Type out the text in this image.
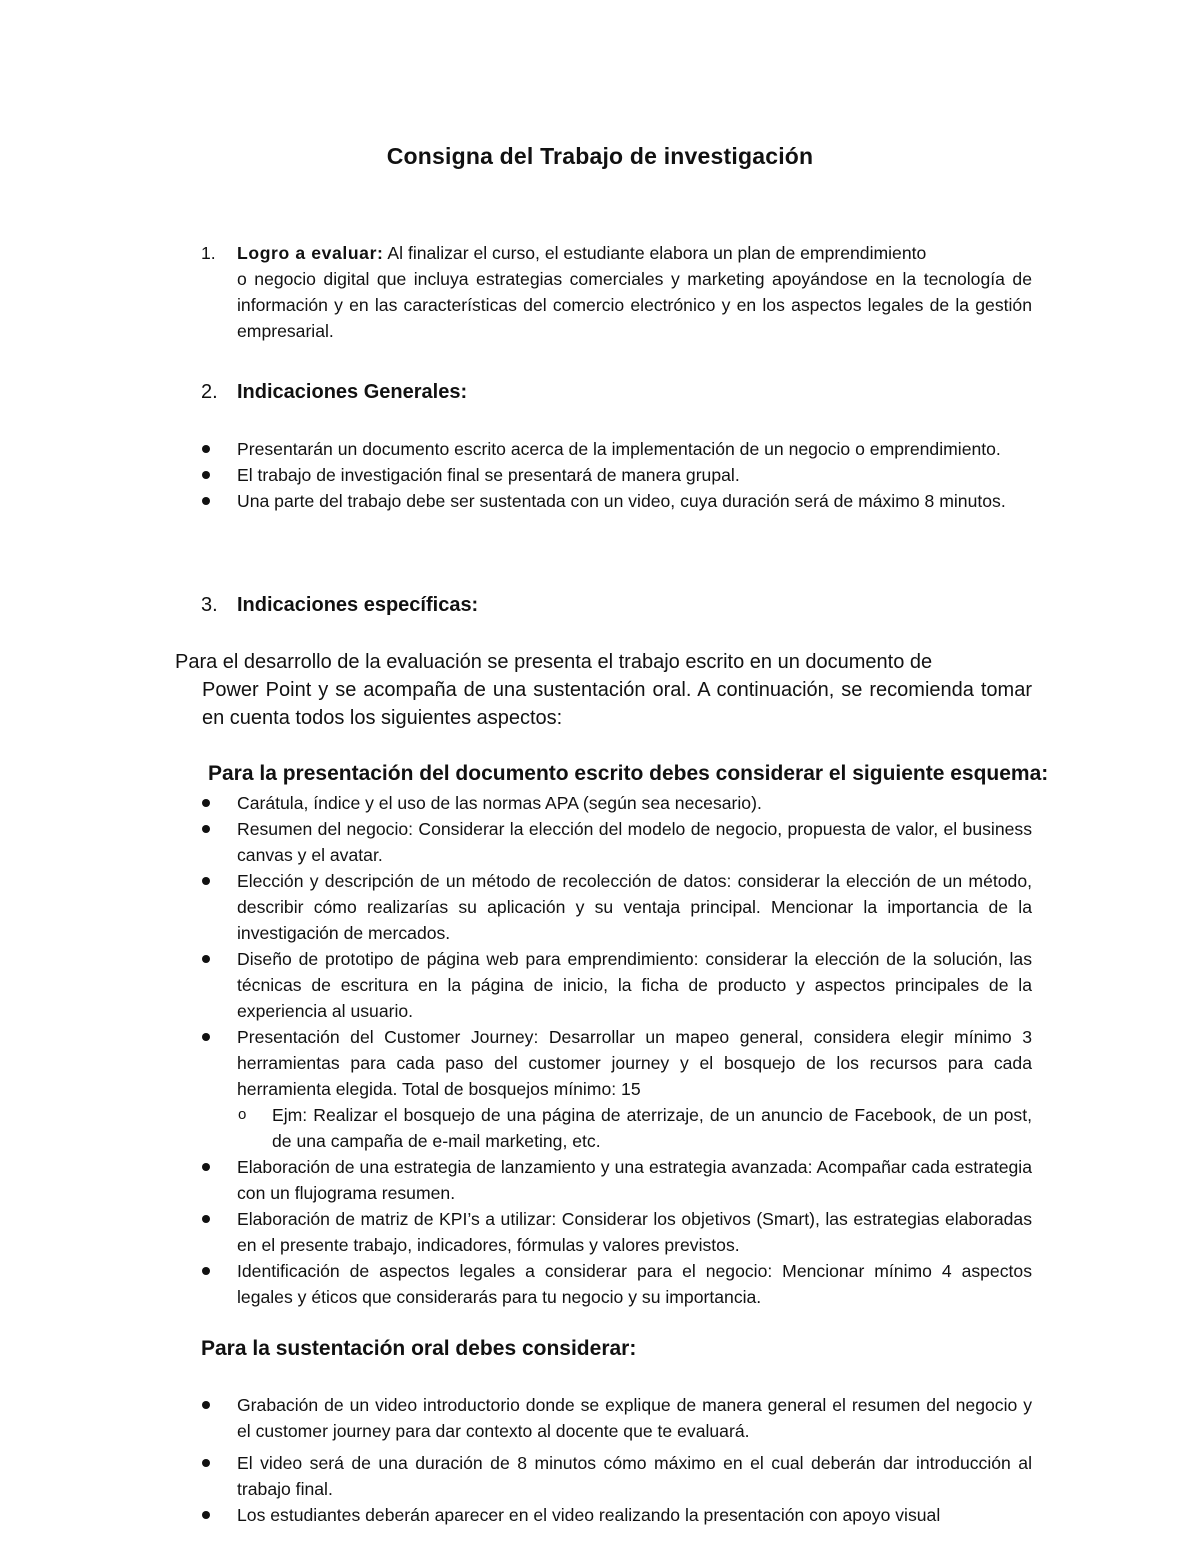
Consigna del Trabajo de investigación
1. Logro a evaluar: Al finalizar el curso, el estudiante elabora un plan de emprendimiento
o negocio digital que incluya estrategias comerciales y marketing apoyándose en la tecnología de información y en las características del comercio electrónico y en los aspectos legales de la gestión empresarial.
2. Indicaciones Generales:
Presentarán un documento escrito acerca de la implementación de un negocio o emprendimiento.
El trabajo de investigación final se presentará de manera grupal.
Una parte del trabajo debe ser sustentada con un video, cuya duración será de máximo 8 minutos.
3. Indicaciones específicas:
Para el desarrollo de la evaluación se presenta el trabajo escrito en un documento de
Power Point y se acompaña de una sustentación oral. A continuación, se recomienda tomar en cuenta todos los siguientes aspectos:
Para la presentación del documento escrito debes considerar el siguiente esquema:
Carátula, índice y el uso de las normas APA (según sea necesario).
Resumen del negocio: Considerar la elección del modelo de negocio, propuesta de valor, el business canvas y el avatar.
Elección y descripción de un método de recolección de datos: considerar la elección de un método, describir cómo realizarías su aplicación y su ventaja principal. Mencionar la importancia de la investigación de mercados.
Diseño de prototipo de página web para emprendimiento: considerar la elección de la solución, las técnicas de escritura en la página de inicio, la ficha de producto y aspectos principales de la experiencia al usuario.
Presentación del Customer Journey: Desarrollar un mapeo general, considera elegir mínimo 3 herramientas para cada paso del customer journey y el bosquejo de los recursos para cada herramienta elegida. Total de bosquejos mínimo: 15
o Ejm: Realizar el bosquejo de una página de aterrizaje, de un anuncio de Facebook, de un post, de una campaña de e-mail marketing, etc.
Elaboración de una estrategia de lanzamiento y una estrategia avanzada: Acompañar cada estrategia con un flujograma resumen.
Elaboración de matriz de KPI’s a utilizar: Considerar los objetivos (Smart), las estrategias elaboradas en el presente trabajo, indicadores, fórmulas y valores previstos.
Identificación de aspectos legales a considerar para el negocio: Mencionar mínimo 4 aspectos legales y éticos que considerarás para tu negocio y su importancia.
Para la sustentación oral debes considerar:
Grabación de un video introductorio donde se explique de manera general el resumen del negocio y el customer journey para dar contexto al docente que te evaluará.
El video será de una duración de 8 minutos cómo máximo en el cual deberán dar introducción al trabajo final.
Los estudiantes deberán aparecer en el video realizando la presentación con apoyo visual
